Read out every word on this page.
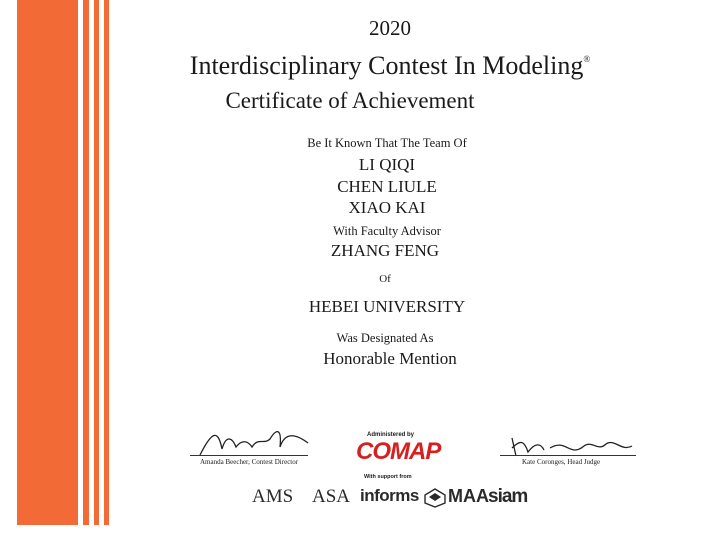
2020
Interdisciplinary Contest In Modeling®
Certificate of Achievement
Be It Known That The Team Of
LI QIQI
CHEN LIULE
XIAO KAI
With Faculty Advisor
ZHANG FENG
Of
HEBEI UNIVERSITY
Was Designated As
Honorable Mention
Amanda Beecher, Contest Director	Kate Coronges, Head Judge
Administered by
COMAP
With support from
AMS ASA informs MAA siam
